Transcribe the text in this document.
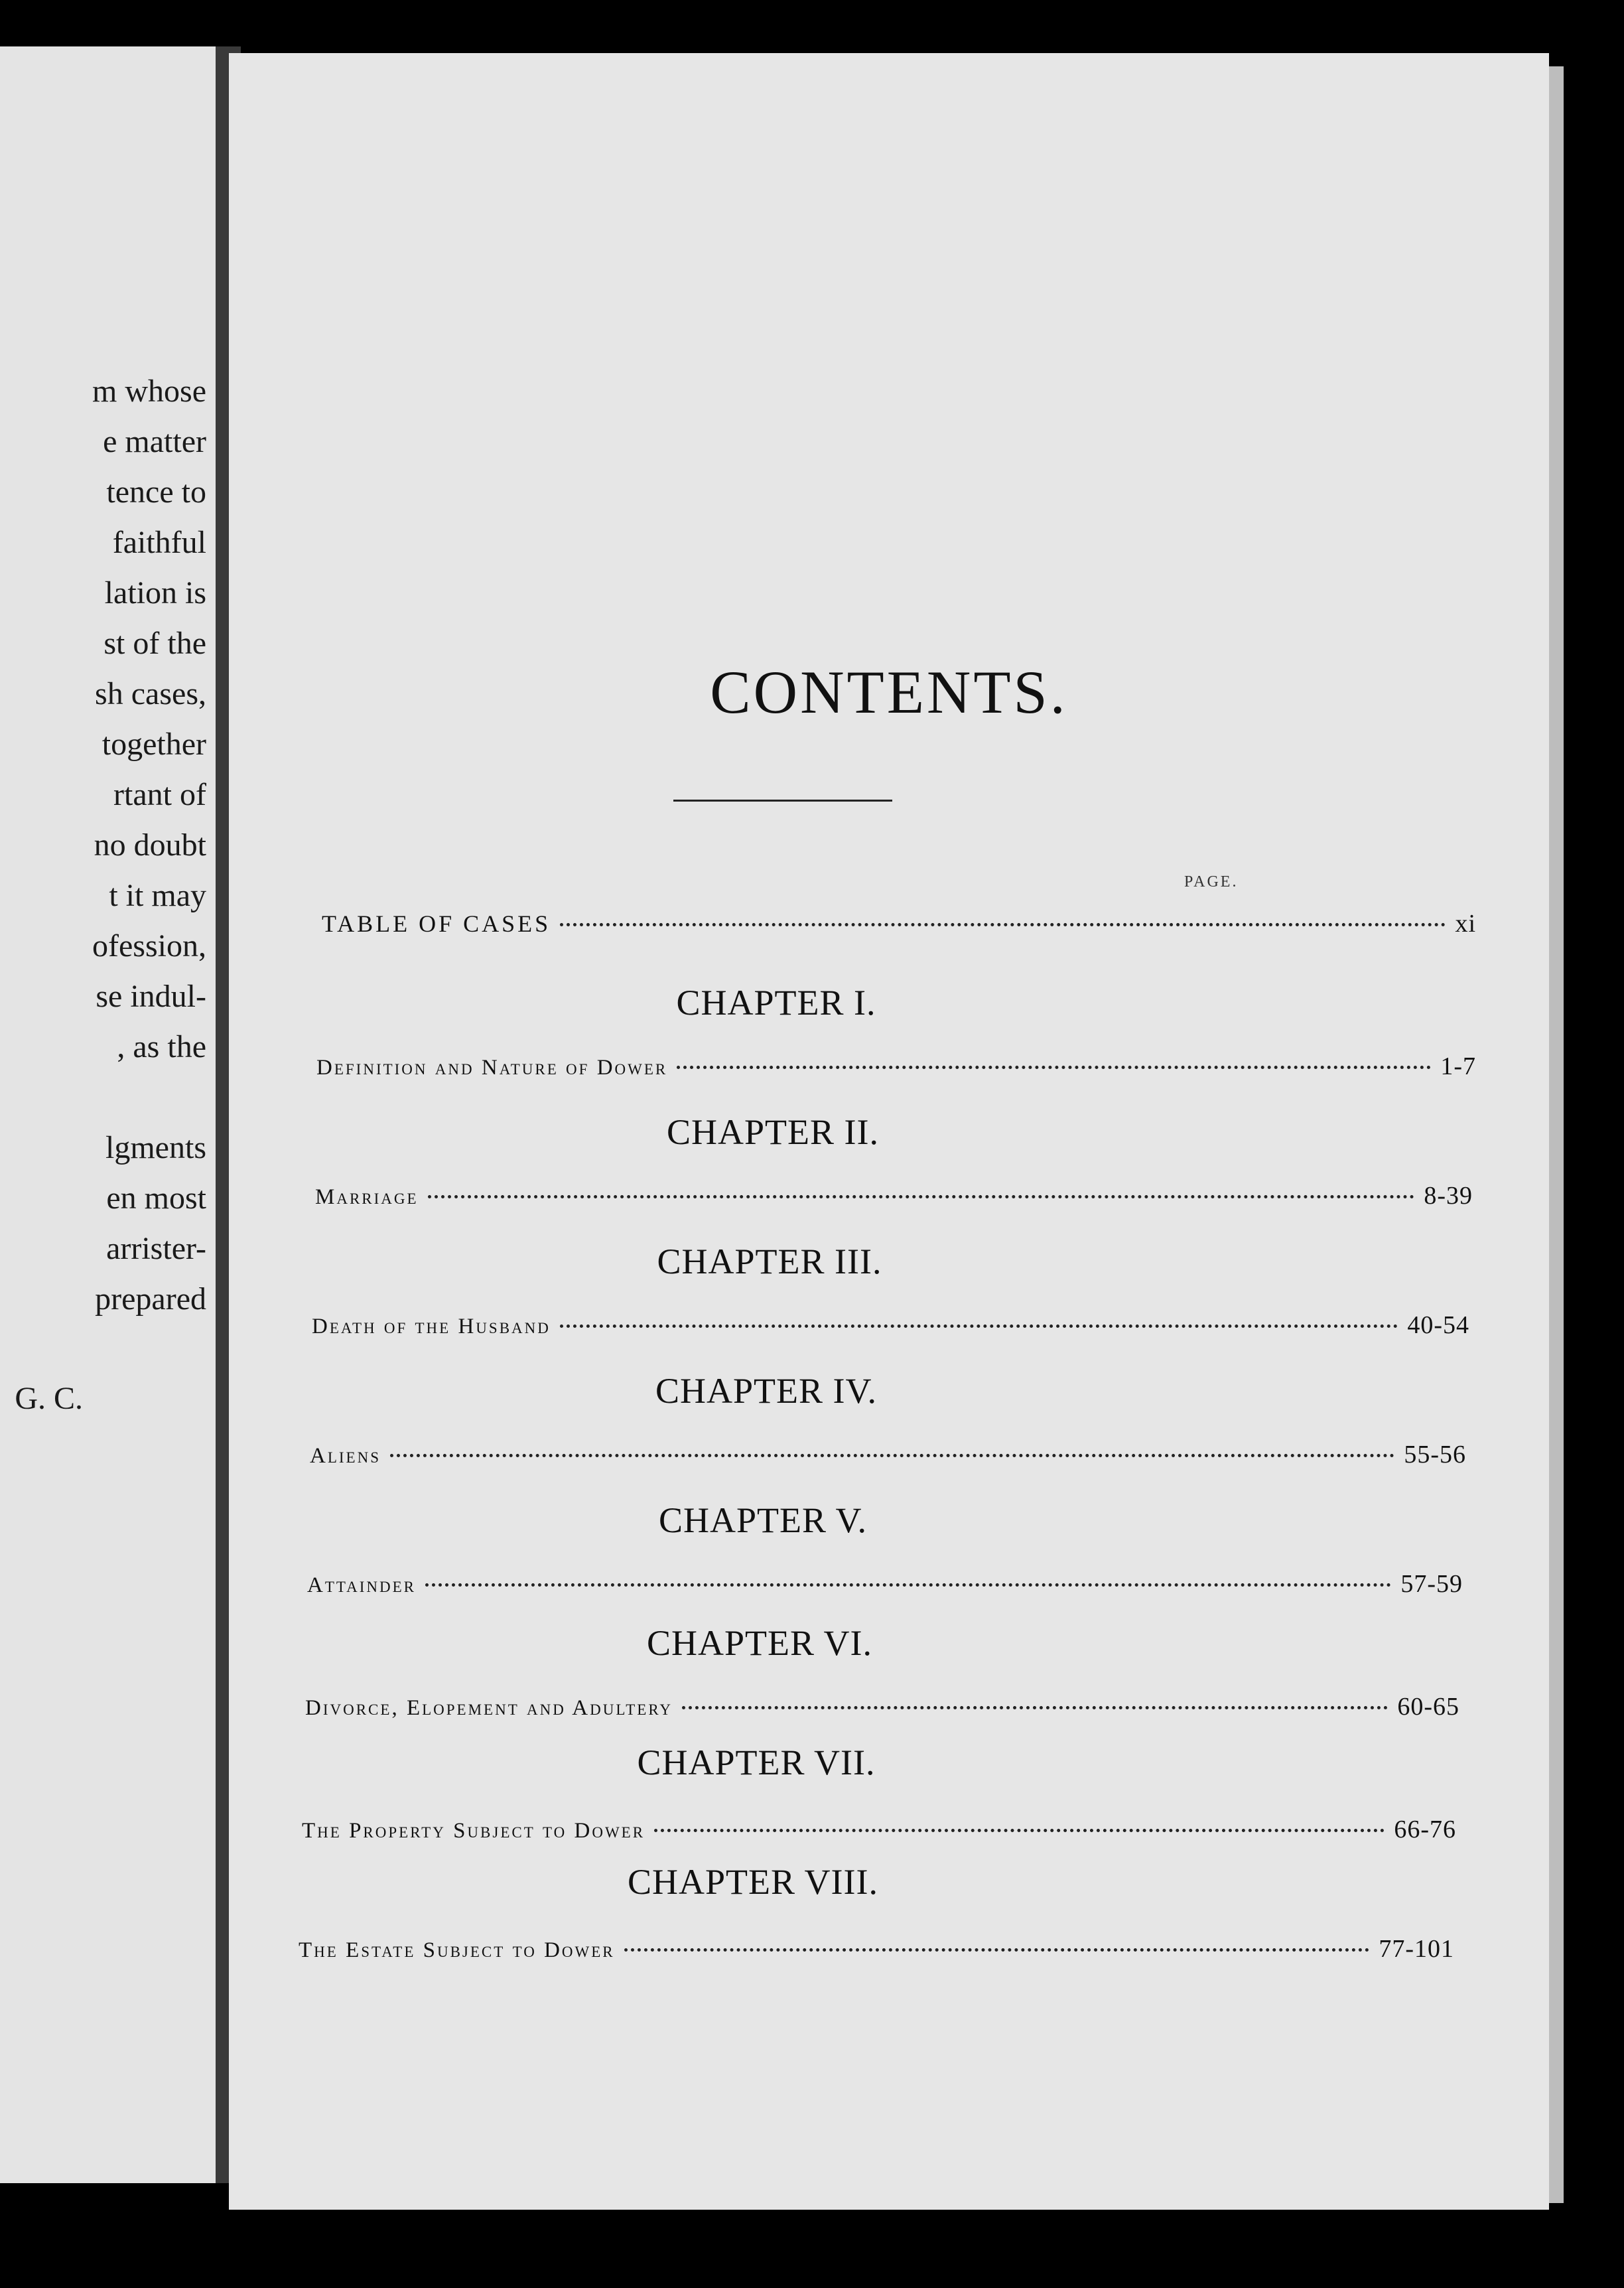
m whose
e matter
tence to
faithful
lation is
st of the
sh cases,
together
rtant of
no doubt
t it may
ofession,
se indul-
, as the
lgments
en most
arrister-
prepared
G. C.
CONTENTS.
PAGE.
TABLE OF CASES	xi
CHAPTER I.
Definition and Nature of Dower	1-7
CHAPTER II.
Marriage	8-39
CHAPTER III.
Death of the Husband	40-54
CHAPTER IV.
Aliens	55-56
CHAPTER V.
Attainder	57-59
CHAPTER VI.
Divorce, Elopement and Adultery	60-65
CHAPTER VII.
The Property Subject to Dower	66-76
CHAPTER VIII.
The Estate Subject to Dower	77-101
